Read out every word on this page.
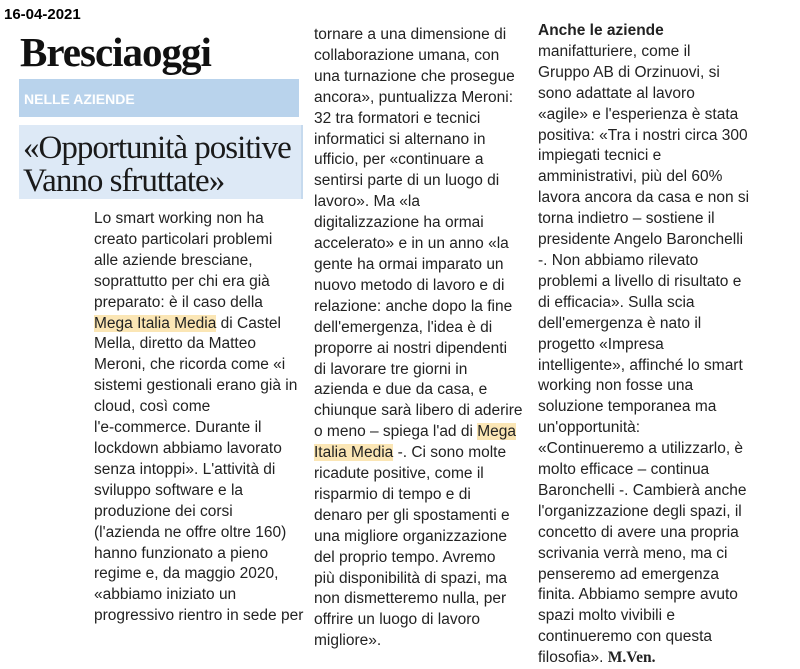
16-04-2021
Bresciaoggi
NELLE AZIENDE
«Opportunità positive
Vanno sfruttate»
Lo smart working non ha
creato particolari problemi
alle aziende bresciane,
soprattutto per chi era già
preparato: è il caso della
Mega Italia Media di Castel
Mella, diretto da Matteo
Meroni, che ricorda come «i
sistemi gestionali erano già in
cloud, così come
l'e-commerce. Durante il
lockdown abbiamo lavorato
senza intoppi». L'attività di
sviluppo software e la
produzione dei corsi
(l'azienda ne offre oltre 160)
hanno funzionato a pieno
regime e, da maggio 2020,
«abbiamo iniziato un
progressivo rientro in sede per
tornare a una dimensione di
collaborazione umana, con
una turnazione che prosegue
ancora», puntualizza Meroni:
32 tra formatori e tecnici
informatici si alternano in
ufficio, per «continuare a
sentirsi parte di un luogo di
lavoro». Ma «la
digitalizzazione ha ormai
accelerato» e in un anno «la
gente ha ormai imparato un
nuovo metodo di lavoro e di
relazione: anche dopo la fine
dell'emergenza, l'idea è di
proporre ai nostri dipendenti
di lavorare tre giorni in
azienda e due da casa, e
chiunque sarà libero di aderire
o meno – spiega l'ad di Mega
Italia Media -. Ci sono molte
ricadute positive, come il
risparmio di tempo e di
denaro per gli spostamenti e
una migliore organizzazione
del proprio tempo. Avremo
più disponibilità di spazi, ma
non dismetteremo nulla, per
offrire un luogo di lavoro
migliore».
Anche le aziende
manifatturiere, come il
Gruppo AB di Orzinuovi, si
sono adattate al lavoro
«agile» e l'esperienza è stata
positiva: «Tra i nostri circa 300
impiegati tecnici e
amministrativi, più del 60%
lavora ancora da casa e non si
torna indietro – sostiene il
presidente Angelo Baronchelli
-. Non abbiamo rilevato
problemi a livello di risultato e
di efficacia». Sulla scia
dell'emergenza è nato il
progetto «Impresa
intelligente», affinché lo smart
working non fosse una
soluzione temporanea ma
un'opportunità:
«Continueremo a utilizzarlo, è
molto efficace – continua
Baronchelli -. Cambierà anche
l'organizzazione degli spazi, il
concetto di avere una propria
scrivania verrà meno, ma ci
penseremo ad emergenza
finita. Abbiamo sempre avuto
spazi molto vivibili e
continueremo con questa
filosofia». M.Ven.
